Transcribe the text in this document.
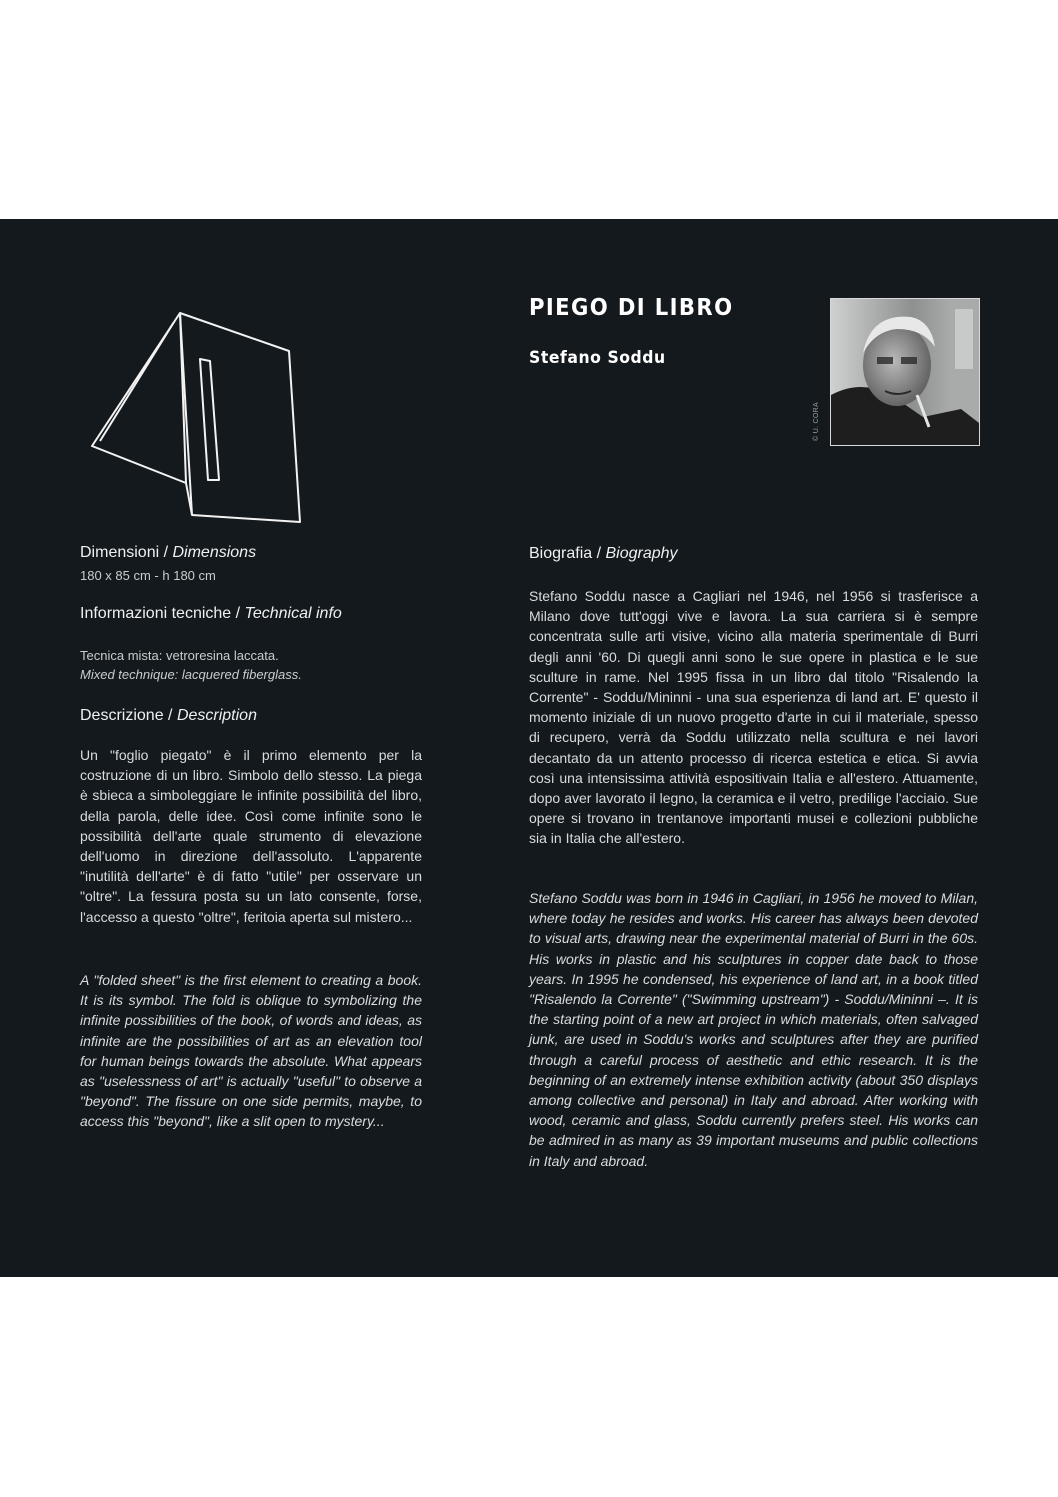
PIEGO DI LIBRO
Stefano Soddu
© U. CORA
Dimensioni / Dimensions
180 x 85 cm - h 180 cm
Informazioni tecniche / Technical info
Tecnica mista: vetroresina laccata.
Mixed technique: lacquered fiberglass.
Descrizione / Description

Un "foglio piegato" è il primo elemento per la costruzione di un libro. Simbolo dello stesso. La piega è sbieca a simboleggiare le infinite possibilità del libro, della parola, delle idee. Così come infinite sono le possibilità dell'arte quale strumento di elevazione dell'uomo in direzione dell'assoluto. L'apparente "inutilità dell'arte" è di fatto "utile" per osservare un "oltre". La fessura posta su un lato consente, forse, l'accesso a questo "oltre", feritoia aperta sul mistero...

A "folded sheet" is the first element to creating a book. It is its symbol. The fold is oblique to symbolizing the infinite possibilities of the book, of words and ideas, as infinite are the possibilities of art as an elevation tool for human beings towards the absolute. What appears as "uselessness of art" is actually "useful" to observe a "beyond". The fissure on one side permits, maybe, to access this "beyond", like a slit open to mystery...

Biografia / Biography

Stefano Soddu nasce a Cagliari nel 1946, nel 1956 si trasferisce a Milano dove tutt'oggi vive e lavora. La sua carriera si è sempre concentrata sulle arti visive, vicino alla materia sperimentale di Burri degli anni '60. Di quegli anni sono le sue opere in plastica e le sue sculture in rame. Nel 1995 fissa in un libro dal titolo "Risalendo la Corrente" - Soddu/Mininni - una sua esperienza di land art. E' questo il momento iniziale di un nuovo progetto d'arte in cui il materiale, spesso di recupero, verrà da Soddu utilizzato nella scultura e nei lavori decantato da un attento processo di ricerca estetica e etica. Si avvia così una intensissima attività espositivain Italia e all'estero. Attuamente, dopo aver lavorato il legno, la ceramica e il vetro, predilige l'acciaio. Sue opere si trovano in trentanove importanti musei e collezioni pubbliche sia in Italia che all'estero.

Stefano Soddu was born in 1946 in Cagliari, in 1956 he moved to Milan, where today he resides and works. His career has always been devoted to visual arts, drawing near the experimental material of Burri in the 60s. His works in plastic and his sculptures in copper date back to those years. In 1995 he condensed, his experience of land art, in a book titled "Risalendo la Corrente" ("Swimming upstream") - Soddu/Mininni –. It is the starting point of a new art project in which materials, often salvaged junk, are used in Soddu's works and sculptures after they are purified through a careful process of aesthetic and ethic research. It is the beginning of an extremely intense exhibition activity (about 350 displays among collective and personal) in Italy and abroad. After working with wood, ceramic and glass, Soddu currently prefers steel. His works can be admired in as many as 39 important museums and public collections in Italy and abroad.
